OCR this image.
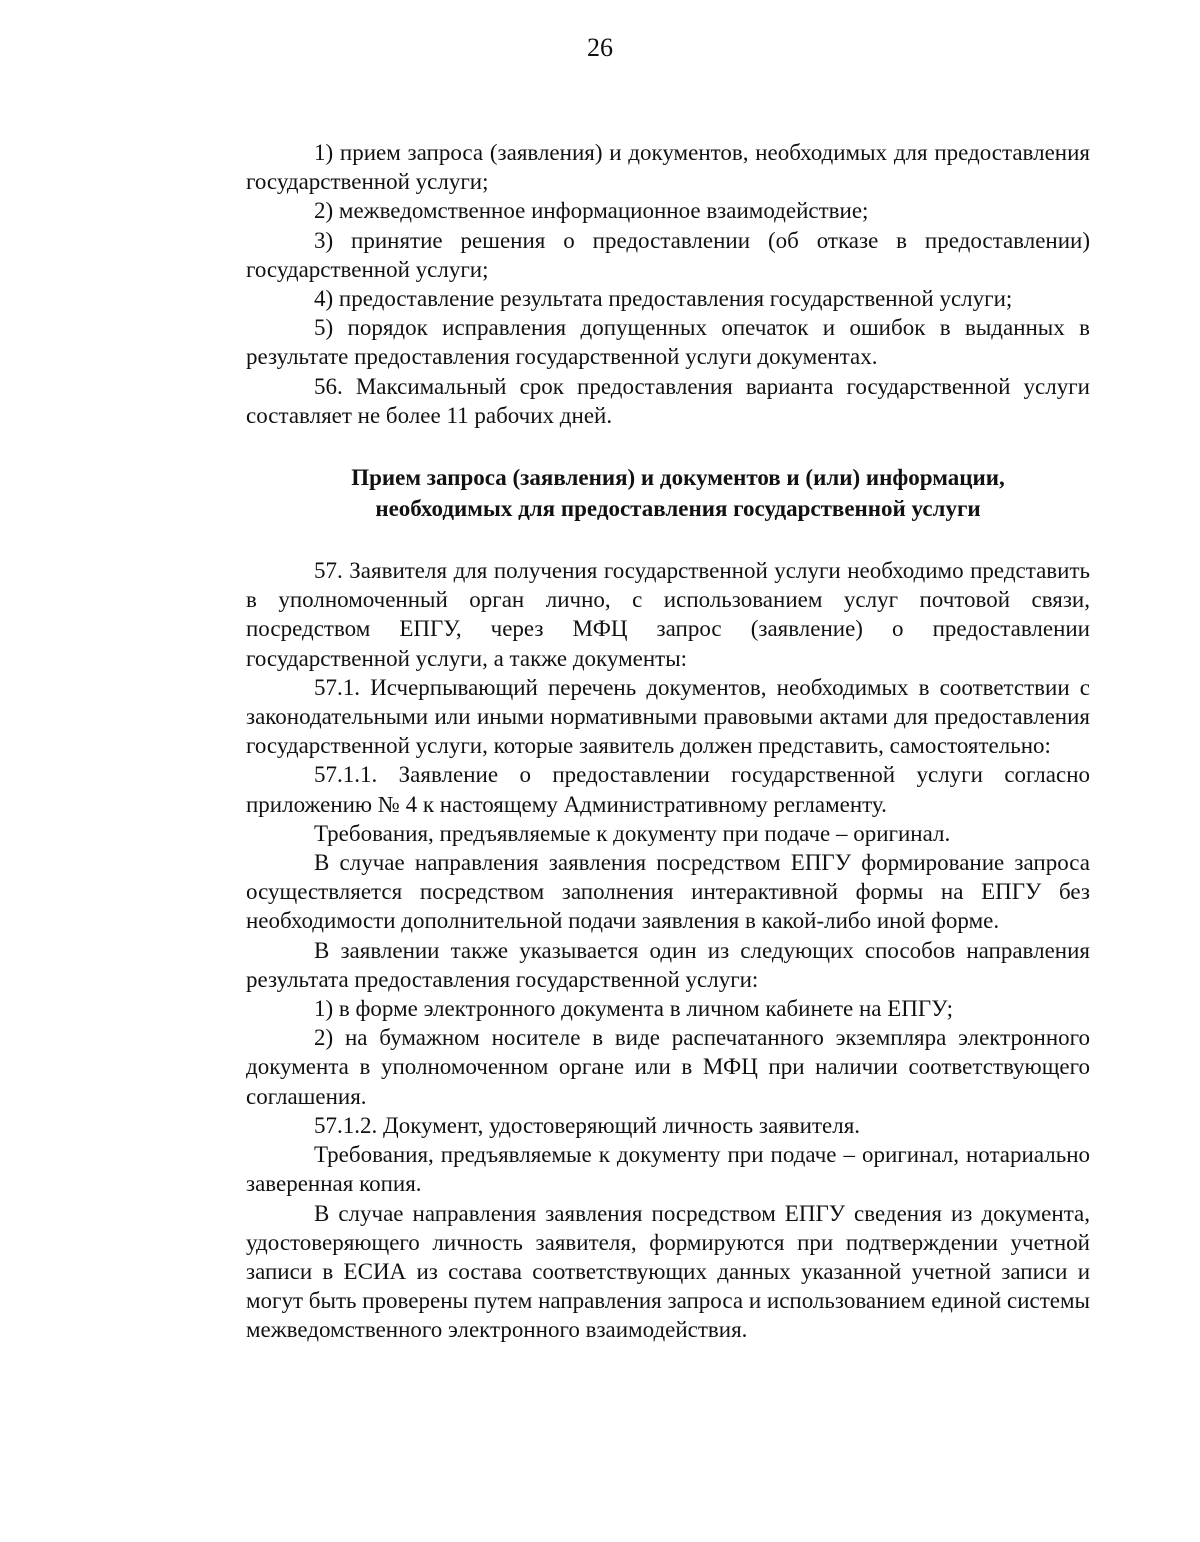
26

1) прием запроса (заявления) и документов, необходимых для предоставления государственной услуги;

2) межведомственное информационное взаимодействие;

3) принятие решения о предоставлении (об отказе в предоставлении) государственной услуги;

4) предоставление результата предоставления государственной услуги;

5) порядок исправления допущенных опечаток и ошибок в выданных в результате предоставления государственной услуги документах.

56. Максимальный срок предоставления варианта государственной услуги составляет не более 11 рабочих дней.

Прием запроса (заявления) и документов и (или) информации,
необходимых для предоставления государственной услуги

57. Заявителя для получения государственной услуги необходимо представить в уполномоченный орган лично, с использованием услуг почтовой связи, посредством ЕПГУ, через МФЦ запрос (заявление) о предоставлении государственной услуги, а также документы:

57.1. Исчерпывающий перечень документов, необходимых в соответствии с законодательными или иными нормативными правовыми актами для предоставления государственной услуги, которые заявитель должен представить, самостоятельно:

57.1.1. Заявление о предоставлении государственной услуги согласно приложению № 4 к настоящему Административному регламенту.

Требования, предъявляемые к документу при подаче – оригинал.

В случае направления заявления посредством ЕПГУ формирование запроса осуществляется посредством заполнения интерактивной формы на ЕПГУ без необходимости дополнительной подачи заявления в какой-либо иной форме.

В заявлении также указывается один из следующих способов направления результата предоставления государственной услуги:

1) в форме электронного документа в личном кабинете на ЕПГУ;

2) на бумажном носителе в виде распечатанного экземпляра электронного документа в уполномоченном органе или в МФЦ при наличии соответствующего соглашения.

57.1.2. Документ, удостоверяющий личность заявителя.

Требования, предъявляемые к документу при подаче – оригинал, нотариально заверенная копия.

В случае направления заявления посредством ЕПГУ сведения из документа, удостоверяющего личность заявителя, формируются при подтверждении учетной записи в ЕСИА из состава соответствующих данных указанной учетной записи и могут быть проверены путем направления запроса и использованием единой системы межведомственного электронного взаимодействия.
